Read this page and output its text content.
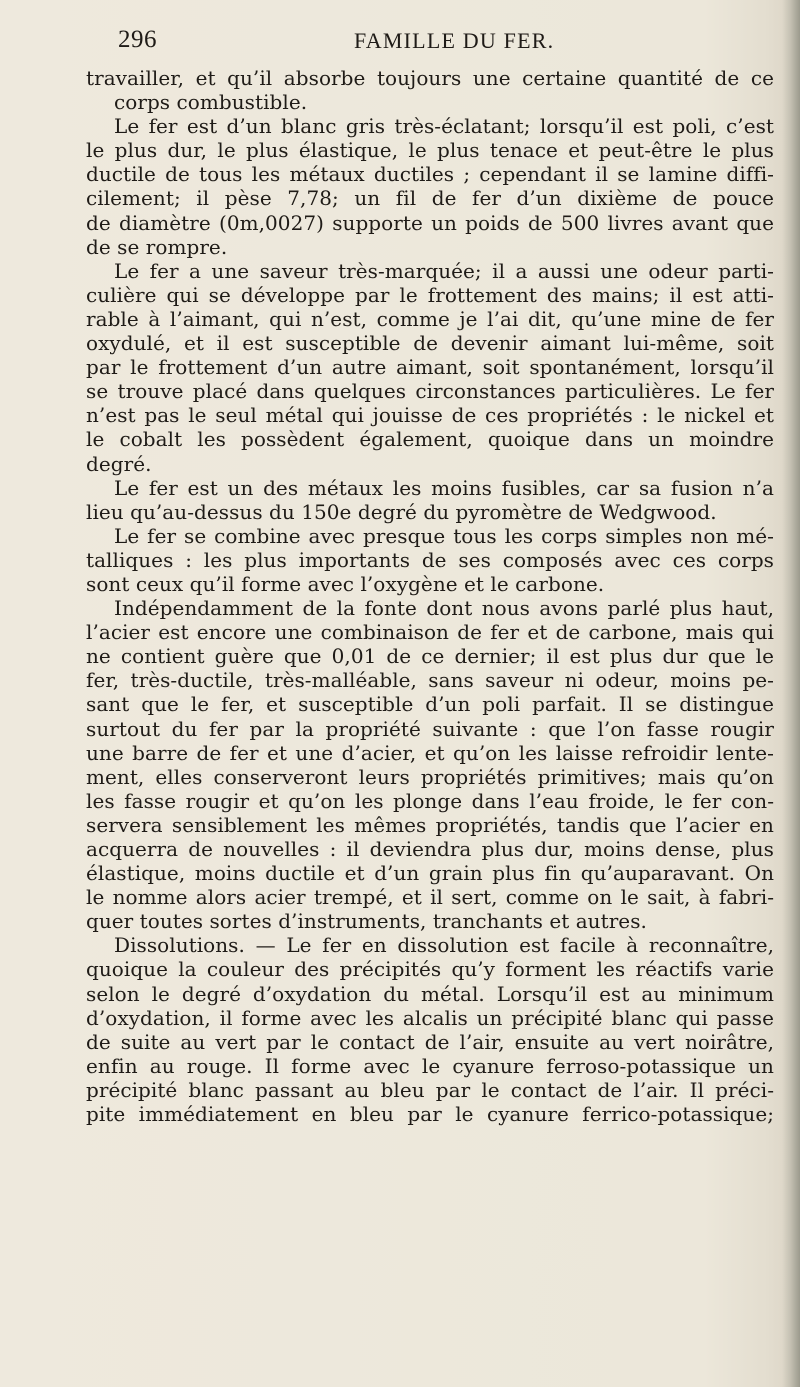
296	FAMILLE DU FER.
travailler, et qu’il absorbe toujours une certaine quantité de ce
corps combustible.
Le fer est d’un blanc gris très-éclatant; lorsqu’il est poli, c’est
le plus dur, le plus élastique, le plus tenace et peut-être le plus
ductile de tous les métaux ductiles ; cependant il se lamine diffi-
cilement; il pèse 7,78; un fil de fer d’un dixième de pouce
de diamètre (0m,0027) supporte un poids de 500 livres avant que
de se rompre.
Le fer a une saveur très-marquée; il a aussi une odeur parti-
culière qui se développe par le frottement des mains; il est atti-
rable à l’aimant, qui n’est, comme je l’ai dit, qu’une mine de fer
oxydulé, et il est susceptible de devenir aimant lui-même, soit
par le frottement d’un autre aimant, soit spontanément, lorsqu’il
se trouve placé dans quelques circonstances particulières. Le fer
n’est pas le seul métal qui jouisse de ces propriétés : le nickel et
le cobalt les possèdent également, quoique dans un moindre
degré.
Le fer est un des métaux les moins fusibles, car sa fusion n’a
lieu qu’au-dessus du 150e degré du pyromètre de Wedgwood.
Le fer se combine avec presque tous les corps simples non mé-
talliques : les plus importants de ses composés avec ces corps
sont ceux qu’il forme avec l’oxygène et le carbone.
Indépendamment de la fonte dont nous avons parlé plus haut,
l’acier est encore une combinaison de fer et de carbone, mais qui
ne contient guère que 0,01 de ce dernier; il est plus dur que le
fer, très-ductile, très-malléable, sans saveur ni odeur, moins pe-
sant que le fer, et susceptible d’un poli parfait. Il se distingue
surtout du fer par la propriété suivante : que l’on fasse rougir
une barre de fer et une d’acier, et qu’on les laisse refroidir lente-
ment, elles conserveront leurs propriétés primitives; mais qu’on
les fasse rougir et qu’on les plonge dans l’eau froide, le fer con-
servera sensiblement les mêmes propriétés, tandis que l’acier en
acquerra de nouvelles : il deviendra plus dur, moins dense, plus
élastique, moins ductile et d’un grain plus fin qu’auparavant. On
le nomme alors acier trempé, et il sert, comme on le sait, à fabri-
quer toutes sortes d’instruments, tranchants et autres.
Dissolutions. — Le fer en dissolution est facile à reconnaître,
quoique la couleur des précipités qu’y forment les réactifs varie
selon le degré d’oxydation du métal. Lorsqu’il est au minimum
d’oxydation, il forme avec les alcalis un précipité blanc qui passe
de suite au vert par le contact de l’air, ensuite au vert noirâtre,
enfin au rouge. Il forme avec le cyanure ferroso-potassique un
précipité blanc passant au bleu par le contact de l’air. Il préci-
pite immédiatement en bleu par le cyanure ferrico-potassique;
